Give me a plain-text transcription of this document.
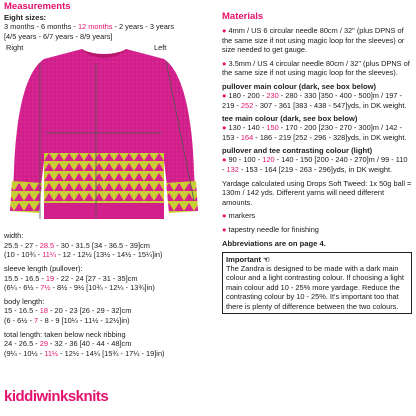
Measurements

Eight sizes:

3 months - 6 months - 12 months - 2 years - 3 years

[4/5 years - 6/7 years - 8/9 years]

Right	Left

width:

25.5 - 27 - 28.5 - 30 - 31.5 [34 - 36.5 - 39]cm

(10 - 10¾ - 11¼ - 12 - 12½ [13½ - 14½ - 15¼]in)

sleeve length (pullover):

15.5 - 16.5 - 19 - 22 - 24 [27 - 31 - 35]cm

(6¼ - 6½ - 7½ - 8½ - 9½ [10¾ - 12¼ - 13¾]in)

body length:

15 - 16.5 - 18 - 20 - 23 [26 - 29 - 32]cm

(6 - 6½ - 7 - 8 - 9 [10¼ - 11½ - 12½]in)

total length: taken below neck ribbing

24 - 26.5 - 29 - 32 - 36 [40 - 44 - 48]cm

(9¼ - 10½ - 11½ - 12½ - 14¼ [15¾ - 17¼ - 19]in)

kiddiwinksknits

Materials

● 4mm / US 6 circular needle 80cm / 32" (plus DPNS of the same size if not using magic loop for the sleeves) or size needed to get gauge.

● 3.5mm / US 4 circular needle 80cm / 32" (plus DPNS of the same size if not using magic loop for the sleeves).

pullover main colour (dark, see box below)

● 180 - 200 - 230 - 280 - 330 [350 - 400 - 500]m / 197 - 219 - 252 - 307 - 361 [383 - 438 - 547]yds, in DK weight.

tee main colour (dark, see box below)

● 130 - 140 - 150 - 170 - 200 [230 - 270 - 300]m / 142 - 153 - 164 - 186 - 219 [252 - 296 - 328]yds, in DK weight.

pullover and tee contrasting colour (light)

● 90 - 100 - 120 - 140 - 150 [200 - 240 - 270]m / 99 - 110 - 132 - 153 - 164 [219 - 263 - 296]yds, in DK weight.

Yardage calculated using Drops Soft Tweed: 1x 50g ball = 130m / 142 yds. Different yarns will need different amounts.

● markers

● tapestry needle for finishing

Abbreviations are on page 4.

Important ☜

The Zandra is designed to be made with a dark main colour and a light contrasting colour. If choosing a light main colour add 10 - 25% more yardage. Reduce the contrasting colour by 10 - 25%. It's important too that there is plenty of difference between the two colours.
